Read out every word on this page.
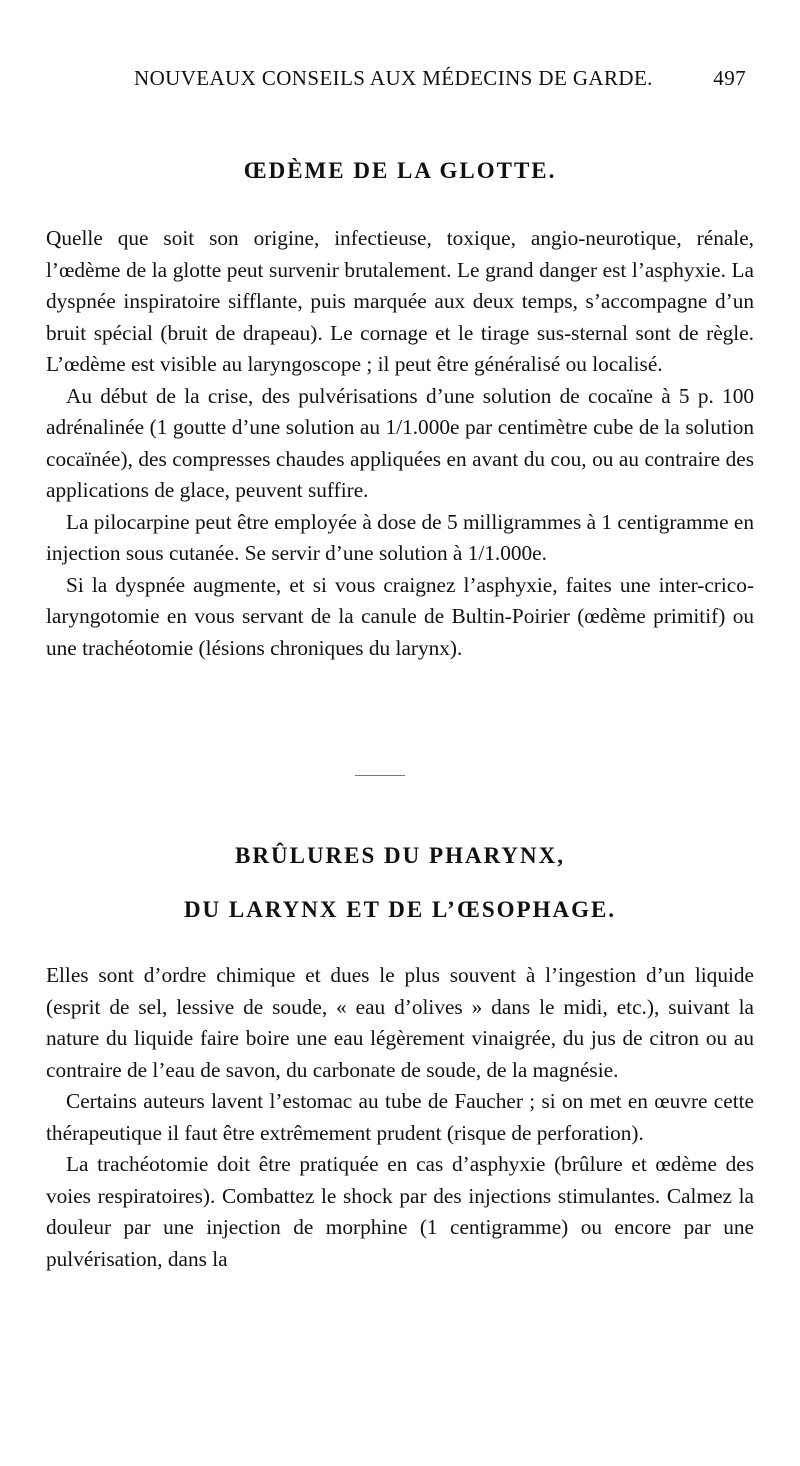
NOUVEAUX CONSEILS AUX MÉDECINS DE GARDE.	497
ŒDÈME DE LA GLOTTE.

Quelle que soit son origine, infectieuse, toxique, angio-neurotique, rénale, l’œdème de la glotte peut survenir brutalement. Le grand danger est l’asphyxie. La dyspnée inspiratoire sifflante, puis marquée aux deux temps, s’accompagne d’un bruit spécial (bruit de drapeau). Le cornage et le tirage sus-sternal sont de règle. L’œdème est visible au laryngoscope ; il peut être généralisé ou localisé.

Au début de la crise, des pulvérisations d’une solution de cocaïne à 5 p. 100 adrénalinée (1 goutte d’une solution au 1/1.000e par centimètre cube de la solution cocaïnée), des compresses chaudes appliquées en avant du cou, ou au contraire des applications de glace, peuvent suffire.

La pilocarpine peut être employée à dose de 5 milligrammes à 1 centigramme en injection sous cutanée. Se servir d’une solution à 1/1.000e.

Si la dyspnée augmente, et si vous craignez l’asphyxie, faites une inter-crico-laryngotomie en vous servant de la canule de Bultin-Poirier (œdème primitif) ou une trachéotomie (lésions chroniques du larynx).

BRÛLURES DU PHARYNX,
DU LARYNX ET DE L’ŒSOPHAGE.

Elles sont d’ordre chimique et dues le plus souvent à l’ingestion d’un liquide (esprit de sel, lessive de soude, « eau d’olives » dans le midi, etc.), suivant la nature du liquide faire boire une eau légèrement vinaigrée, du jus de citron ou au contraire de l’eau de savon, du carbonate de soude, de la magnésie.

Certains auteurs lavent l’estomac au tube de Faucher ; si on met en œuvre cette thérapeutique il faut être extrêmement prudent (risque de perforation).

La trachéotomie doit être pratiquée en cas d’asphyxie (brûlure et œdème des voies respiratoires). Combattez le shock par des injections stimulantes. Calmez la douleur par une injection de morphine (1 centigramme) ou encore par une pulvérisation, dans la
